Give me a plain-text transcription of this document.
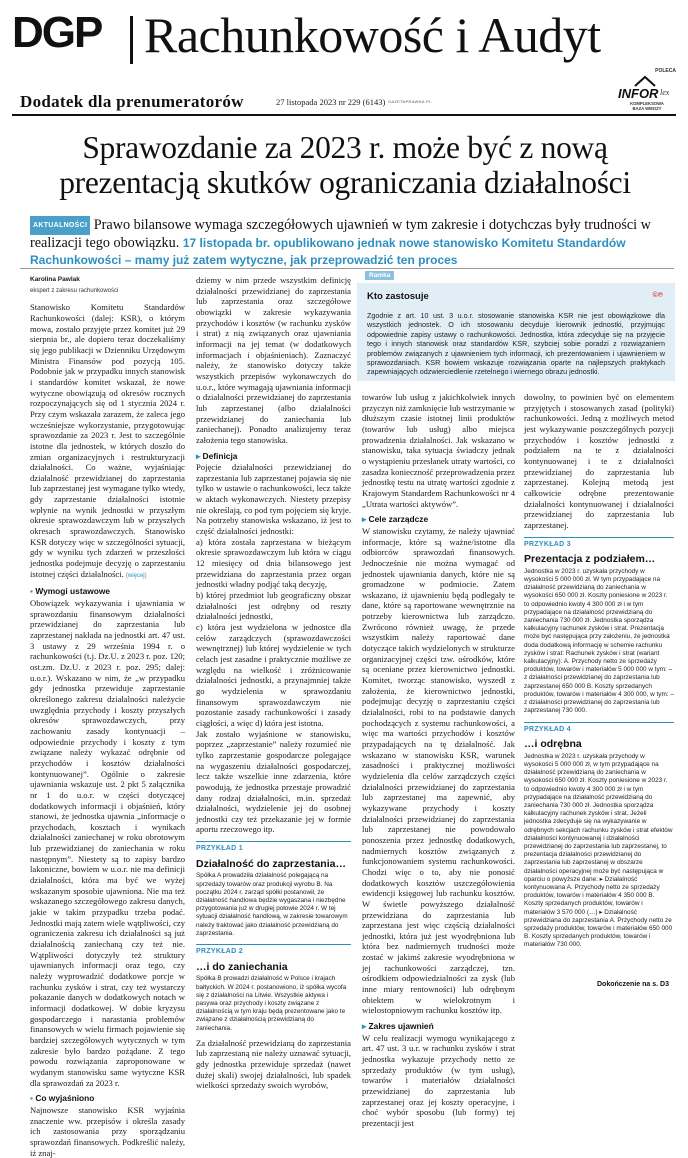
DGP Rachunkowość i Audyt
Dodatek dla prenumeratorów	27 listopada 2023 nr 229 (6143) GAZETAPRAWNA.PL
POLECA
INFOR lex
KOMPLEKSOWA
BAZA WIEDZY
Sprawozdanie za 2023 r. może być z nową prezentacją skutków ograniczania działalności
AKTUALNOŚCI Prawo bilansowe wymaga szczegółowych ujawnień w tym zakresie i dotychczas były trudności w realizacji tego obowiązku. 17 listopada br. opublikowano jednak nowe stanowisko Komitetu Standardów Rachunkowości – mamy już zatem wytyczne, jak przeprowadzić ten proces
Karolina Pawlak
ekspert z zakresu rachunkowości

Stanowisko Komitetu Standardów Rachunkowości (dalej: KSR), o którym mowa, zostało przyjęte przez komitet już 29 sierpnia br., ale dopiero teraz doczekaliśmy się jego publikacji w Dzienniku Urzędowym Ministra Finansów pod pozycją 105. Podobnie jak w przypadku innych stanowisk i standardów komitet wskazał, że nowe wytyczne obowiązują od okresów rocznych rozpoczynających się od 1 stycznia 2024 r. Przy czym wskazała zarazem, że zaleca jego wcześniejsze wykorzystanie, przygotowując sprawozdanie za 2023 r. Jest to szczególnie istotne dla jednostek, w których doszło do zmian organizacyjnych i restrukturyzacji działalności. Co ważne, wyjaśniając działalność przewidzianej do zaprzestania lub zaprzestanej jest wymagane tylko wtedy, gdy zaprzestanie działalności istotnie wpłynie na wynik jednostki w przyszłym okresie sprawozdawczym lub w przyszłych okresach sprawozdawczych. Stanowisko KSR dotyczy więc w szczególności sytuacji, gdy w wyniku tych zdarzeń w przeszłości jednostka podejmuje decyzję o zaprzestaniu istotnej części działalności. (więcej)

▪ Wymogi ustawowe

Obowiązek wykazywania i ujawniania w sprawozdaniu finansowym działalności przewidzianej do zaprzestania lub zaprzestanej nakłada na jednostki art. 47 ust. 3 ustawy z 29 września 1994 r. o rachunkowości (t.j. Dz.U. z 2023 r. poz. 120; ost.zm. Dz.U. z 2023 r. poz. 295; dalej: u.o.r.). Wskazano w nim, że „w przypadku gdy jednostka przewiduje zaprzestanie określonego zakresu działalności należycie uwzględnia przychody i koszty przyszłych okresów sprawozdawczych, przy zachowaniu zasady kontynuacji – odpowiednie przychody i koszty z tym związane należy wykazać odrębnie od przychodów i kosztów działalności kontynuowanej”. Ogólnie o zakresie ujawniania wskazuje ust. 2 pkt 5 załącznika nr 1 do u.o.r. w części dotyczącej dodatkowych informacji i objaśnień, który stanowi, że jednostka ujawnia „informacje o przychodach, kosztach i wynikach działalności zaniechanej w roku obrotowym lub przewidzianej do zaniechania w roku następnym”. Niestety są to zapisy bardzo lakoniczne, bowiem w u.o.r. nie ma definicji działalności, która ma być we wyżej wskazanym sposobie ujawniona. Nie ma też wskazanego szczegółowego zakresu danych, jakie w takim przypadku trzeba podać. Jednostki mają zatem wiele wątpliwości, czy ograniczenia zakresu ich działalności są już działalnością zaniechaną czy też nie. Wątpliwości dotyczyły też struktury ujawnianych informacji oraz tego, czy należy wyprowadzić dodatkowe porcje w rachunku zysków i strat, czy też wystarczy pokazanie danych w dodatkowych notach w informacji dodatkowej. W dobie kryzysu gospodarczego i narastania problemów finansowych w wielu firmach pojawienie się bardziej szczegółowych wytycznych w tym zakresie było bardzo pożądane. Z tego powodu rozwiązania zaproponowane w wydanym stanowisku same wytyczne KSR dla sprawozdań za 2023 r.

▪ Co wyjaśniono

Najnowsze stanowisko KSR wyjaśnia znaczenie ww. przepisów i określa zasady ich zastosowania przy sporządzaniu sprawozdań finansowych. Podkreślić należy, iż znaj-

dziemy w nim przede wszystkim definicję działalności przewidzianej do zaprzestania lub zaprzestania oraz szczegółowe obowiązki w zakresie wykazywania przychodów i kosztów (w rachunku zysków i strat) z nią związanych oraz ujawniania informacji na jej temat (w dodatkowych informacjach i objaśnieniach). Zaznaczyć należy, że stanowisko dotyczy także wszystkich przepisów wykonawczych do u.o.r., które wymagają ujawniania informacji o działalności przewidzianej do zaprzestania lub zaprzestanej (albo działalności przewidzianej do zaniechania lub zaniechanej). Ponadto analizujemy teraz założenia tego stanowiska.

▸ Definicja

Pojęcie działalności przewidzianej do zaprzestania lub zaprzestanej pojawia się nie tylko w ustawie o rachunkowości, lecz także w aktach wykonawczych. Niestety przepisy nie określają, co pod tym pojęciem się kryje. Na potrzeby stanowiska wskazano, iż jest to część działalności jednostki:

a) która została zaprzestana w bieżącym okresie sprawozdawczym lub która w ciągu 12 miesięcy od dnia bilansowego jest przewidziana do zaprzestania przez organ jednostki władny podjąć taką decyzję,

b) której przedmiot lub geograficzny obszar działalności jest odrębny od reszty działalności jednostki,

c) która jest wydzielona w jednostce dla celów zarządczych (sprawozdawczości wewnętrznej) lub której wydzielenie w tych celach jest zasadne i praktycznie możliwe ze względu na wielkość i zróżnicowanie działalności jednostki, a przynajmniej także go wydzielenia w sprawozdaniu finansowym sprawozdawczym nie pozostanie zasady rachunkowości i zasady ciągłości, a więc d) która jest istotna.

Jak zostało wyjaśnione w stanowisku, poprzez „zaprzestanie” należy rozumieć nie tylko zaprzestanie gospodarcze polegające na wygaszeniu działalności gospodarczej, lecz także wszelkie inne zdarzenia, które powodują, że jednostka przestaje prowadzić dany rodzaj działalności, m.in. sprzedaż działalności, wydzielenie jej do osobnej jednostki czy też przekazanie jej w formie aportu rzeczowego itp.

PRZYKŁAD 1
Działalność do zaprzestania…
Spółka A prowadziła działalność polegającą na sprzedaży towarów oraz produkcji wyrobu B. Na początku 2024 r. zarząd spółki postanowił, że działalność handlowa będzie wygaszana i niezbędne przygotowania już w drugiej połowie 2024 r. W tej sytuacji działalność handlową, w zakresie towarowym należy traktować jako działalność przewidzianą do zaprzestania.
PRZYKŁAD 2
…i do zaniechania
Spółka B prowadzi działalność w Polsce i krajach bałtyckich. W 2024 r. postanowiono, iż spółka wycofa się z działalności na Litwie. Wszystkie aktywa i pasywa oraz przychody i koszty związane z działalnością w tym kraju będą prezentowane jako te związane z działalnością przewidzianą do zaniechania.

Za działalność przewidzianą do zaprzestania lub zaprzestaną nie należy uznawać sytuacji, gdy jednostka przewiduje sprzedaż (nawet dużej skali) swojej działalności, lub spadek wielkości sprzedaży swoich wyrobów,

Ramka
Kto zastosuje	©℗
Zgodnie z art. 10 ust. 3 u.o.r. stosowanie stanowiska KSR nie jest obowiązkowe dla wszystkich jednostek. O ich stosowaniu decyduje kierownik jednostki, przyjmując odpowiednie zapisy ustawy o rachunkowości. Jednostka, która zdecyduje się na przyjęcie tego i innych stanowisk oraz standardów KSR, szybciej sobie poradzi z rozwiązaniem problemów związanych z ujawnieniem tych informacji, ich prezentowaniem i ujawnieniem w sprawozdaniach. KSR bowiem wskazuje rozwiązania oparte na najlepszych praktykach zapewniających odzwierciedlenie rzetelnego i wiernego obrazu jednostki.

towarów lub usług z jakichkolwiek innych przyczyn niż zamknięcie lub wstrzymanie w dłuższym czasie istotnej linii produktów (towarów lub usług) albo miejsca prowadzenia działalności. Jak wskazano w stanowisku, taka sytuacja świadczy jednak o wystąpieniu przesłanek utraty wartości, co zasadza konieczność przeprowadzenia przez jednostkę testu na utratę wartości zgodnie z Krajowym Standardem Rachunkowości nr 4 „Utrata wartości aktywów”.

▸ Cele zarządcze

W stanowisku czytamy, że należy ujawniać informacje, które są ważne/istotne dla odbiorców sprawozdań finansowych. Jednocześnie nie można wymagać od jednostek ujawniania danych, które nie są gromadzone w podmiocie. Zatem wskazano, iż ujawnieniu będą podlegały te dane, które są raportowane wewnętrznie na potrzeby kierownictwa lub zarządczo. Zwrócono również uwagę, że przede wszystkim należy raportować dane dotyczące takich wydzielonych w strukturze organizacyjnej części tzw. ośrodków, które są oceniane przez kierownictwo jednostki. Komitet, tworząc stanowisko, wyszedł z założenia, że kierownictwo jednostki, podejmując decyzję o zaprzestaniu części działalności, robi to na podstawie danych pochodzących z systemu rachunkowości, a więc ma wartości przychodów i kosztów przypadających na tę działalność. Jak wskazano w stanowisku KSR, warunek zasadności i praktycznej możliwości wydzielenia dla celów zarządczych części działalności przewidzianej do zaprzestania lub zaprzestanej ma zapewnić, aby wykazywane przychody i koszty działalności przewidzianej do zaprzestania lub zaprzestanej nie powodowało ponoszenia przez jednostkę dodatkowych, nadmiernych kosztów związanych z funkcjonowaniem systemu rachunkowości. Chodzi więc o to, aby nie ponosić dodatkowych kosztów uszczegółowienia ewidencji księgowej lub rachunku kosztów. W świetle powyższego działalność przewidziana do zaprzestania lub zaprzestana jest więc częścią działalności jednostki, która już jest wyodrębniona lub która bez nadmiernych trudności może zostać w jakimś zakresie wyodrębniona w jej rachunkowości zarządczej, tzn. ośrodkiem odpowiedzialności za zysk (lub inne miary rentowności) lub odrębnym obiektem w wielokrotnym i wielostopniowym rachunku kosztów itp.

▸ Zakres ujawnień

W celu realizacji wymogu wynikającego z art. 47 ust. 3 u.r. w rachunku zysków i strat jednostka wykazuje przychody netto ze sprzedaży produktów (w tym usług), towarów i materiałów działalności przewidzianej do zaprzestania lub zaprzestanej oraz jej koszty operacyjne, i choć wybór sposobu (lub formy) tej prezentacji jest

dowolny, to powinien być on elementem przyjętych i stosowanych zasad (polityki) rachunkowości. Jedną z możliwych metod jest wykazywanie poszczególnych pozycji przychodów i kosztów jednostki z podziałem na te z działalności kontynuowanej i te z działalności przewidzianej do zaprzestania lub zaprzestanej. Kolejną metodą jest całkowicie odrębne prezentowanie działalności kontynuowanej i działalności przewidzianej do zaprzestania lub zaprzestanej.

PRZYKŁAD 3
Prezentacja z podziałem…
Jednostka w 2023 r. uzyskała przychody w wysokości 5 000 000 zł. W tym przypadające na działalność przewidzianą do zaniechania w wysokości 650 000 zł. Koszty poniesione w 2023 r. to odpowiednio kwoty 4 300 000 zł i w tym przypadające na działalność przewidzianą do zaniechania 730 000 zł. Jednostka sporządza kalkulacyjny rachunek zysków i strat. Prezentacja może być następująca przy założeniu, że jednostka doda dodatkową informację w schemie rachunku zysków i strat: Rachunek zysków i strat (wariant kalkulacyjny): A. Przychody netto ze sprzedaży produktów, towarów i materiałów 5 000 000 w tym: – z działalności przewidzianej do zaprzestania lub zaprzestanej 650 000 B. Koszty sprzedanych produktów, towarów i materiałów 4 300 000, w tym: – z działalności przewidzianej do zaprzestania lub zaprzestanej 730 000.
PRZYKŁAD 4
…i odrębna
Jednostka w 2023 r. uzyskała przychody w wysokości 5 000 000 zł, w tym przypadające na działalność przewidzianą do zaniechania w wysokości 650 000 zł. Koszty poniesione w 2023 r. to odpowiednio kwoty 4 300 000 zł i w tym przypadające na działalność przewidzianą do zaniechania 730 000 zł. Jednostka sporządza kalkulacyjny rachunek zysków i strat. Jeżeli jednostka zdecyduje się na wykazywanie w odrębnych sekcjach rachunku zysków i strat efektów działalności kontynuowanej i działalności przewidzianej do zaprzestania lub zaprzestanej, to prezentacja działalności przewidzianej do zaprzestania lub zaprzestanej w obszarze działalności operacyjnej może być następująca w oparciu o powyższe dane: ▸ Działalność kontynuowana A. Przychody netto ze sprzedaży produktów, towarów i materiałów 4 350 000 B. Koszty sprzedanych produktów, towarów i materiałów 3 570 000 (…) ▸ Działalność przewidziana do zaprzestania A. Przychody netto ze sprzedaży produktów, towarów i materiałów 650 000 B. Koszty sprzedanych produktów, towarów i materiałów 730 000.
Dokończenie na s. D3
